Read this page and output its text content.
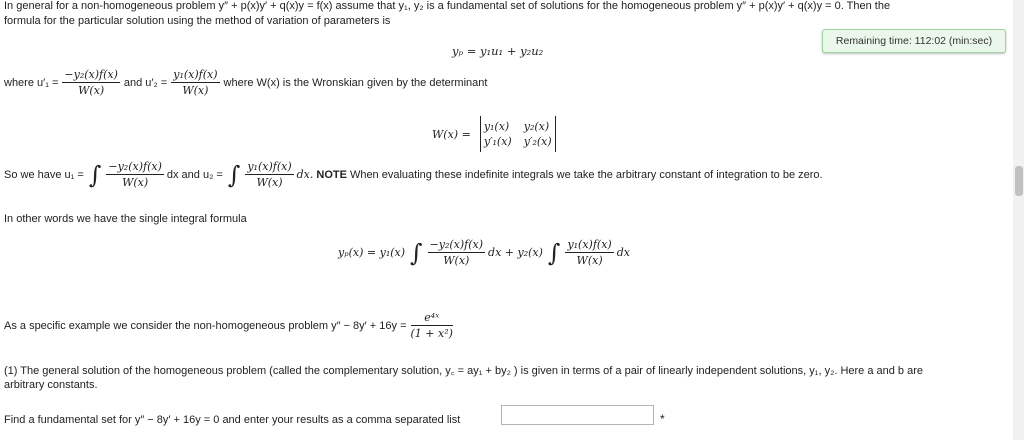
In general for a non-homogeneous problem y″ + p(x)y′ + q(x)y = f(x) assume that y₁, y₂ is a fundamental set of solutions for the homogeneous problem y″ + p(x)y′ + q(x)y = 0. Then the
formula for the particular solution using the method of variation of parameters is
Remaining time: 112:02 (min:sec)
yₚ = y₁u₁ + y₂u₂
where $u'_1 = \frac{\text{−y₂(x)f(x)}}{W(x)}$ and $u'_2 = \frac{\text{y₁(x)f(x)}}{W(x)}$ where W(x) is the Wronskian given by the determinant
W(x) =
y₁(x) y₂(x)
y′₁(x) y′₂(x)
So we have u₁ = ∫ $\frac{\text{−y₂(x)f(x)}}{W(x)}$ dx and u₂ = ∫ $\frac{\text{y₁(x)f(x)}}{W(x)}$ dx. NOTE When evaluating these indefinite integrals we take the arbitrary constant of integration to be zero.
In other words we have the single integral formula
yₚ(x) = y₁(x) ∫ $\frac{\text{−y₂(x)f(x)}}{W(x)}$ dx + y₂(x) ∫ $\frac{\text{y₁(x)f(x)}}{W(x)}$ dx
As a specific example we consider the non-homogeneous problem $y'' - 8y' + 16y = \frac{\text{e⁴ˣ}}{\text{(1 + x²)}}$
(1) The general solution of the homogeneous problem (called the complementary solution, y꜀ = ay₁ + by₂ ) is given in terms of a pair of linearly independent solutions, y₁, y₂. Here a and b are
arbitrary constants.
Find a fundamental set for y″ − 8y′ + 16y = 0 and enter your results as a comma separated list	*
